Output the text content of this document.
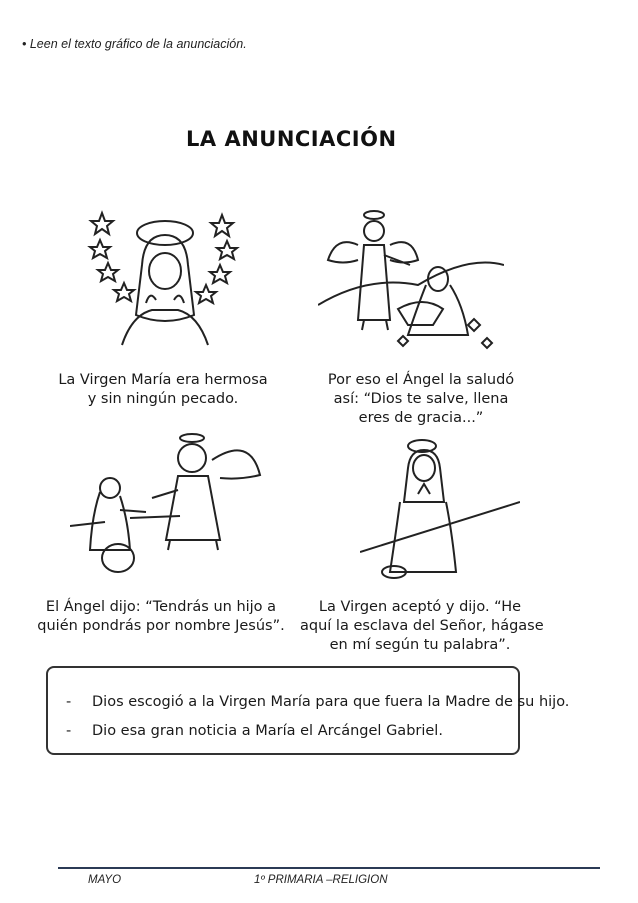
• Leen el texto gráfico de la anunciación.
LA ANUNCIACIÓN
La Virgen María era hermosa
y sin ningún pecado.
Por eso el Ángel la saludó
así: “Dios te salve, llena
eres de gracia...”
El Ángel dijo: “Tendrás un hijo a
quién pondrás por nombre Jesús”.
La Virgen aceptó y dijo. “He
aquí la esclava del Señor, hágase
en mí según tu palabra”.
- Dios escogió a la Virgen María para que fuera la Madre de su hijo.
- Dio esa gran noticia a María el Arcángel Gabriel.
MAYO	1º PRIMARIA –RELIGION
